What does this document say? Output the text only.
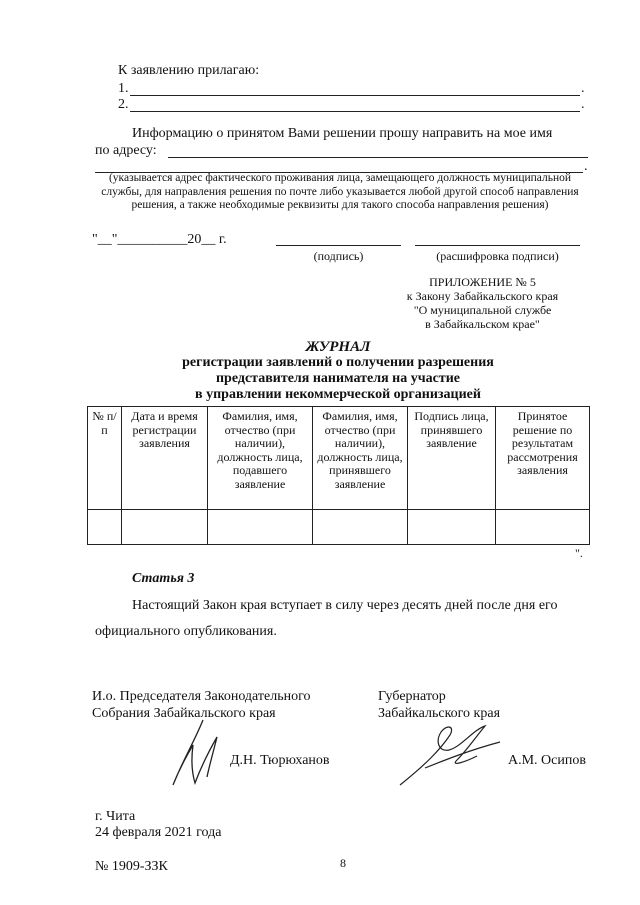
К заявлению прилагаю:
1.	.
2.	.
Информацию о принятом Вами решении прошу направить на мое имя
по адресу:
.
(указывается адрес фактического проживания лица, замещающего должность муниципальной службы, для направления решения по почте либо указывается любой другой способ направления решения, а также необходимые реквизиты для такого способа направления решения)
"__"__________20__ г.
(подпись)	(расшифровка подписи)
ПРИЛОЖЕНИЕ № 5
к Закону Забайкальского края
"О муниципальной службе
в Забайкальском крае"
ЖУРНАЛ
регистрации заявлений о получении разрешения
представителя нанимателя на участие
в управлении некоммерческой организацией
№ п/п	Дата и время регистрации заявления	Фамилия, имя, отчество (при наличии), должность лица, подавшего заявление	Фамилия, имя, отчество (при наличии), должность лица, принявшего заявление	Подпись лица, принявшего заявление	Принятое решение по результатам рассмотрения заявления

".
Статья 3
Настоящий Закон края вступает в силу через десять дней после дня его
официального опубликования.
И.о. Председателя Законодательного
Собрания Забайкальского края
Губернатор
Забайкальского края
Д.Н. Тюрюханов	А.М. Осипов
г. Чита
24 февраля 2021 года
№ 1909-ЗЗК	8
